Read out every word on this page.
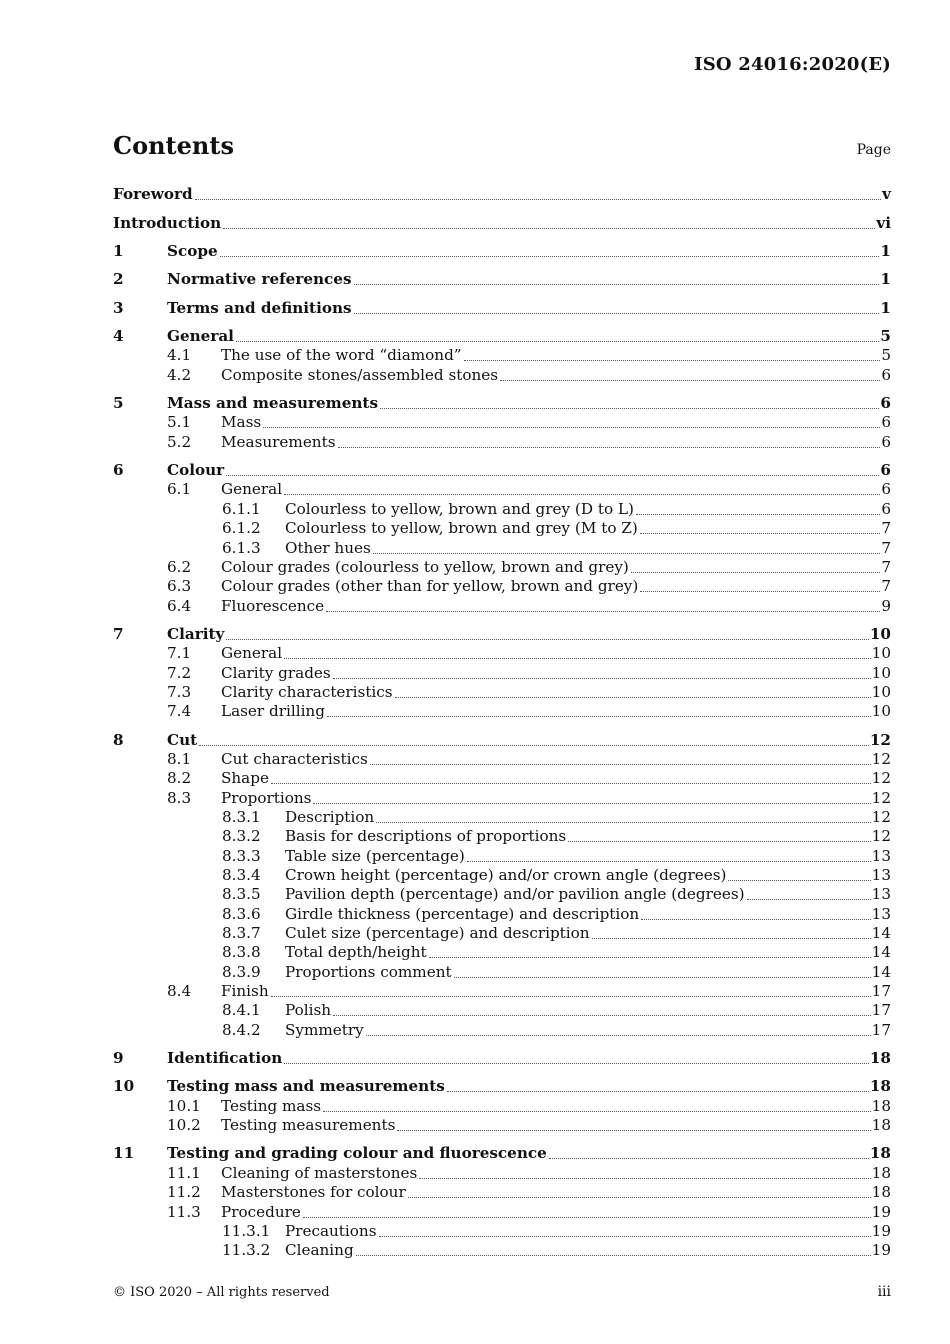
ISO 24016:2020(E)
Contents	Page
Foreword	v
Introduction	vi
1	Scope	1
2	Normative references	1
3	Terms and definitions	1
4	General	5
4.1	The use of the word “diamond”	5
4.2	Composite stones/assembled stones	6
5	Mass and measurements	6
5.1	Mass	6
5.2	Measurements	6
6	Colour	6
6.1	General	6
6.1.1	Colourless to yellow, brown and grey (D to L)	6
6.1.2	Colourless to yellow, brown and grey (M to Z)	7
6.1.3	Other hues	7
6.2	Colour grades (colourless to yellow, brown and grey)	7
6.3	Colour grades (other than for yellow, brown and grey)	7
6.4	Fluorescence	9
7	Clarity	10
7.1	General	10
7.2	Clarity grades	10
7.3	Clarity characteristics	10
7.4	Laser drilling	10
8	Cut	12
8.1	Cut characteristics	12
8.2	Shape	12
8.3	Proportions	12
8.3.1	Description	12
8.3.2	Basis for descriptions of proportions	12
8.3.3	Table size (percentage)	13
8.3.4	Crown height (percentage) and/or crown angle (degrees)	13
8.3.5	Pavilion depth (percentage) and/or pavilion angle (degrees)	13
8.3.6	Girdle thickness (percentage) and description	13
8.3.7	Culet size (percentage) and description	14
8.3.8	Total depth/height	14
8.3.9	Proportions comment	14
8.4	Finish	17
8.4.1	Polish	17
8.4.2	Symmetry	17
9	Identification	18
10	Testing mass and measurements	18
10.1	Testing mass	18
10.2	Testing measurements	18
11	Testing and grading colour and fluorescence	18
11.1	Cleaning of masterstones	18
11.2	Masterstones for colour	18
11.3	Procedure	19
11.3.1 Precautions	19
11.3.2 Cleaning	19
© ISO 2020 – All rights reserved	iii
